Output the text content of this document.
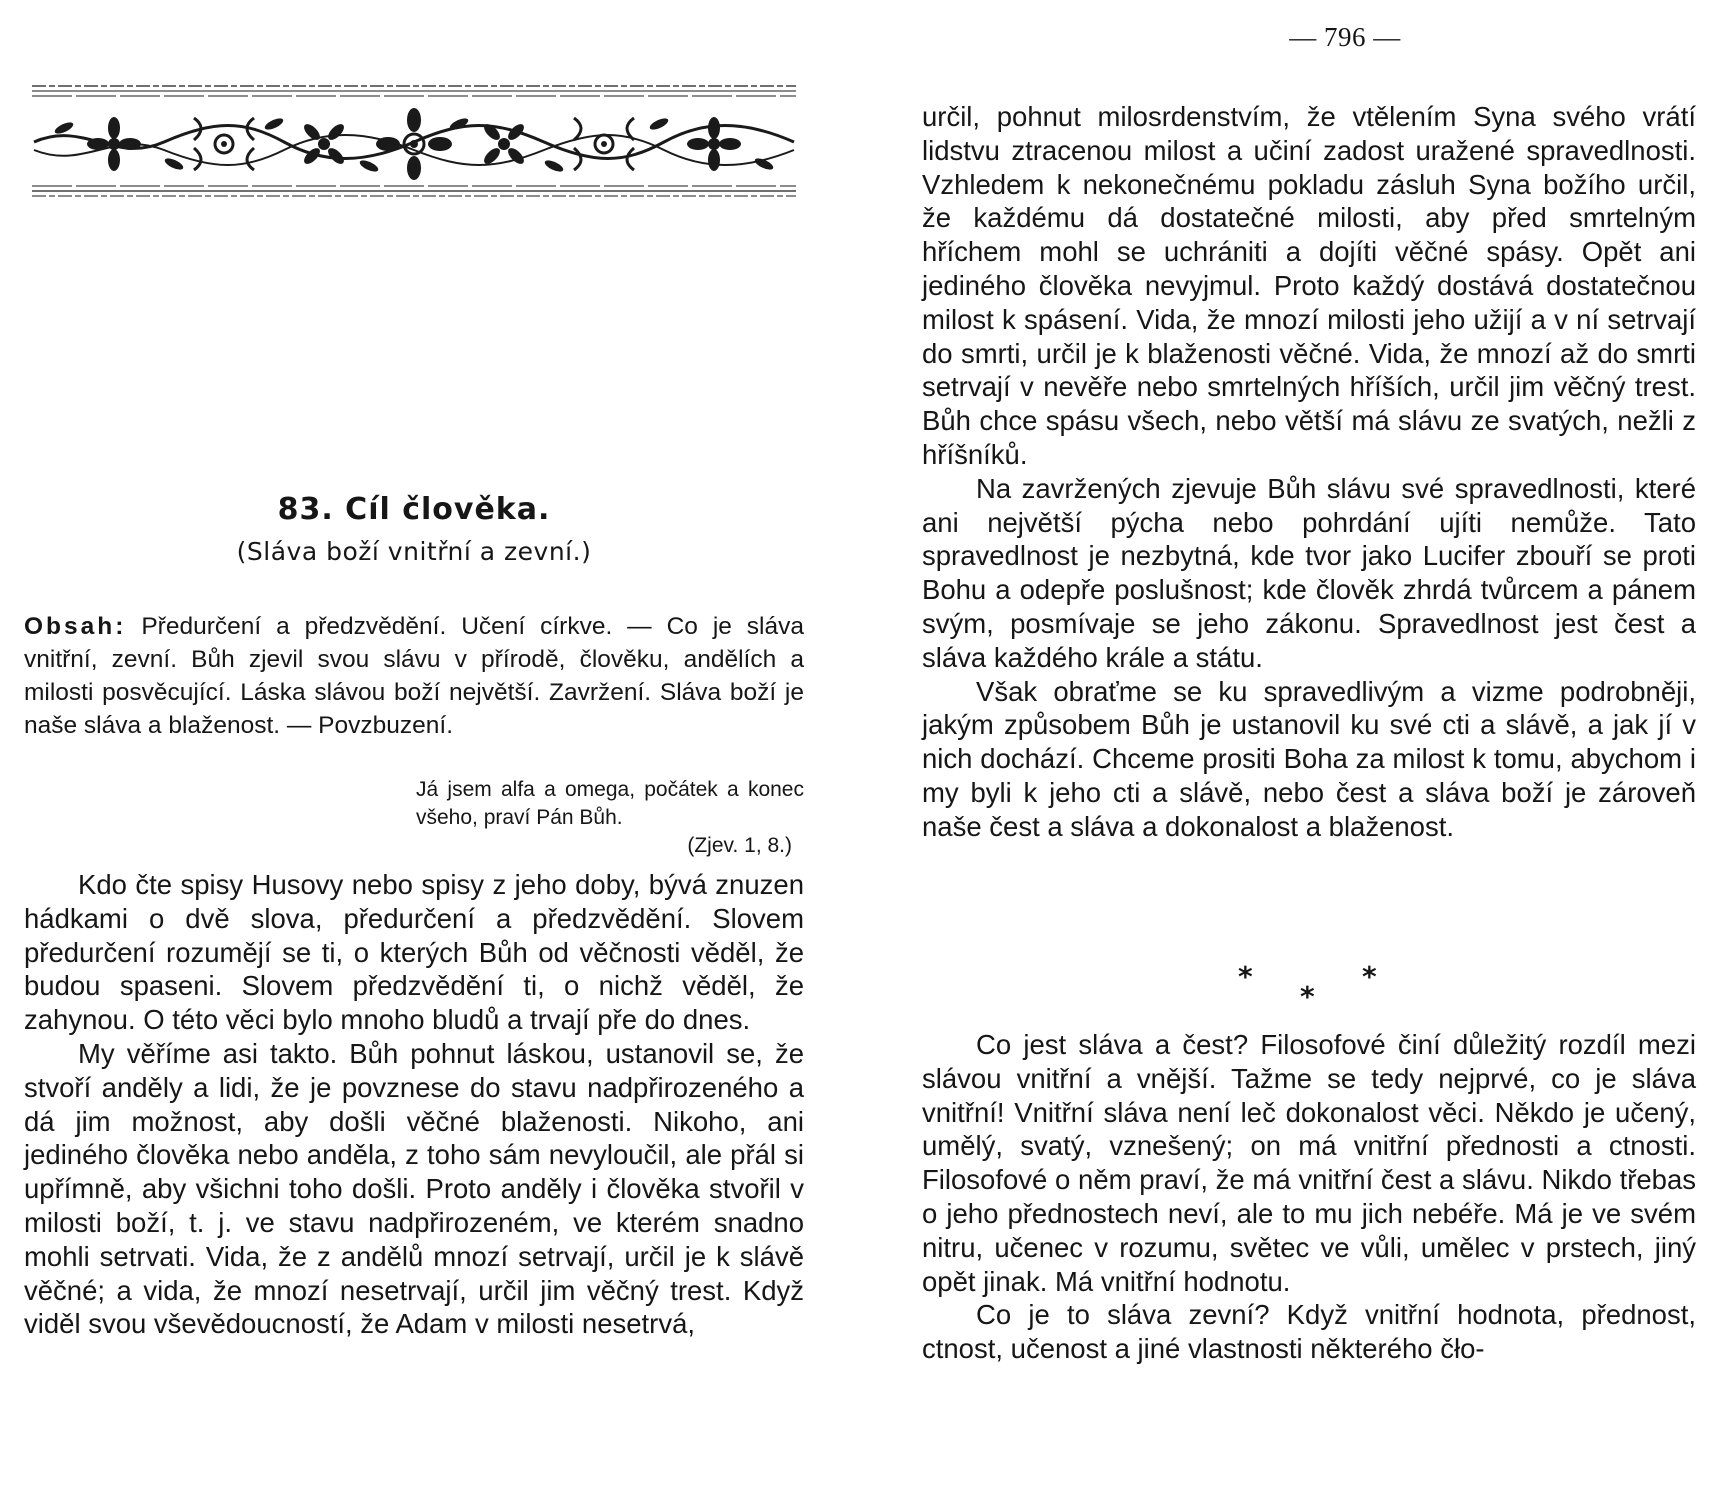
— 796 —
83. Cíl člověka.
(Sláva boží vnitřní a zevní.)
Obsah: Předurčení a předzvědění. Učení církve. — Co je sláva vnitřní, zevní. Bůh zjevil svou slávu v přírodě, člověku, andělích a milosti posvěcující. Láska slávou boží největší. Zavržení. Sláva boží je naše sláva a blaženost. — Povzbuzení.
Já jsem alfa a omega, počátek a konec všeho, praví Pán Bůh.
(Zjev. 1, 8.)

Kdo čte spisy Husovy nebo spisy z jeho doby, bývá znuzen hádkami o dvě slova, předurčení a předzvědění. Slovem předurčení rozumějí se ti, o kterých Bůh od věčnosti věděl, že budou spaseni. Slovem předzvědění ti, o nichž věděl, že zahynou. O této věci bylo mnoho bludů a trvají pře do dnes.

My věříme asi takto. Bůh pohnut láskou, ustanovil se, že stvoří anděly a lidi, že je povznese do stavu nadpřirozeného a dá jim možnost, aby došli věčné blaženosti. Nikoho, ani jediného člověka nebo anděla, z toho sám nevyloučil, ale přál si upřímně, aby všichni toho došli. Proto anděly i člověka stvořil v milosti boží, t. j. ve stavu nadpřirozeném, ve kterém snadno mohli setrvati. Vida, že z andělů mnozí setrvají, určil je k slávě věčné; a vida, že mnozí nesetrvají, určil jim věčný trest. Když viděl svou vševědoucností, že Adam v milosti nesetrvá,

určil, pohnut milosrdenstvím, že vtělením Syna svého vrátí lidstvu ztracenou milost a učiní zadost uražené spravedlnosti. Vzhledem k nekonečnému pokladu zásluh Syna božího určil, že každému dá dostatečné milosti, aby před smrtelným hříchem mohl se uchrániti a dojíti věčné spásy. Opět ani jediného člověka nevyjmul. Proto každý dostává dostatečnou milost k spásení. Vida, že mnozí milosti jeho užijí a v ní setrvají do smrti, určil je k blaženosti věčné. Vida, že mnozí až do smrti setrvají v nevěře nebo smrtelných hříších, určil jim věčný trest. Bůh chce spásu všech, nebo větší má slávu ze svatých, nežli z hříšníků.

Na zavržených zjevuje Bůh slávu své spravedlnosti, které ani největší pýcha nebo pohrdání ujíti nemůže. Tato spravedlnost je nezbytná, kde tvor jako Lucifer zbouří se proti Bohu a odepře poslušnost; kde člověk zhrdá tvůrcem a pánem svým, posmívaje se jeho zákonu. Spravedlnost jest čest a sláva každého krále a státu.

Však obraťme se ku spravedlivým a vizme podrobněji, jakým způsobem Bůh je ustanovil ku své cti a slávě, a jak jí v nich dochází. Chceme prositi Boha za milost k tomu, abychom i my byli k jeho cti a slávě, nebo čest a sláva boží je zároveň naše čest a sláva a dokonalost a blaženost.

*
*
*

Co jest sláva a čest? Filosofové činí důležitý rozdíl mezi slávou vnitřní a vnější. Tažme se tedy nejprvé, co je sláva vnitřní! Vnitřní sláva není leč dokonalost věci. Někdo je učený, umělý, svatý, vznešený; on má vnitřní přednosti a ctnosti. Filosofové o něm praví, že má vnitřní čest a slávu. Nikdo třebas o jeho přednostech neví, ale to mu jich nebéře. Má je ve svém nitru, učenec v rozumu, světec ve vůli, umělec v prstech, jiný opět jinak. Má vnitřní hodnotu.

Co je to sláva zevní? Když vnitřní hodnota, přednost, ctnost, učenost a jiné vlastnosti některého čło-
